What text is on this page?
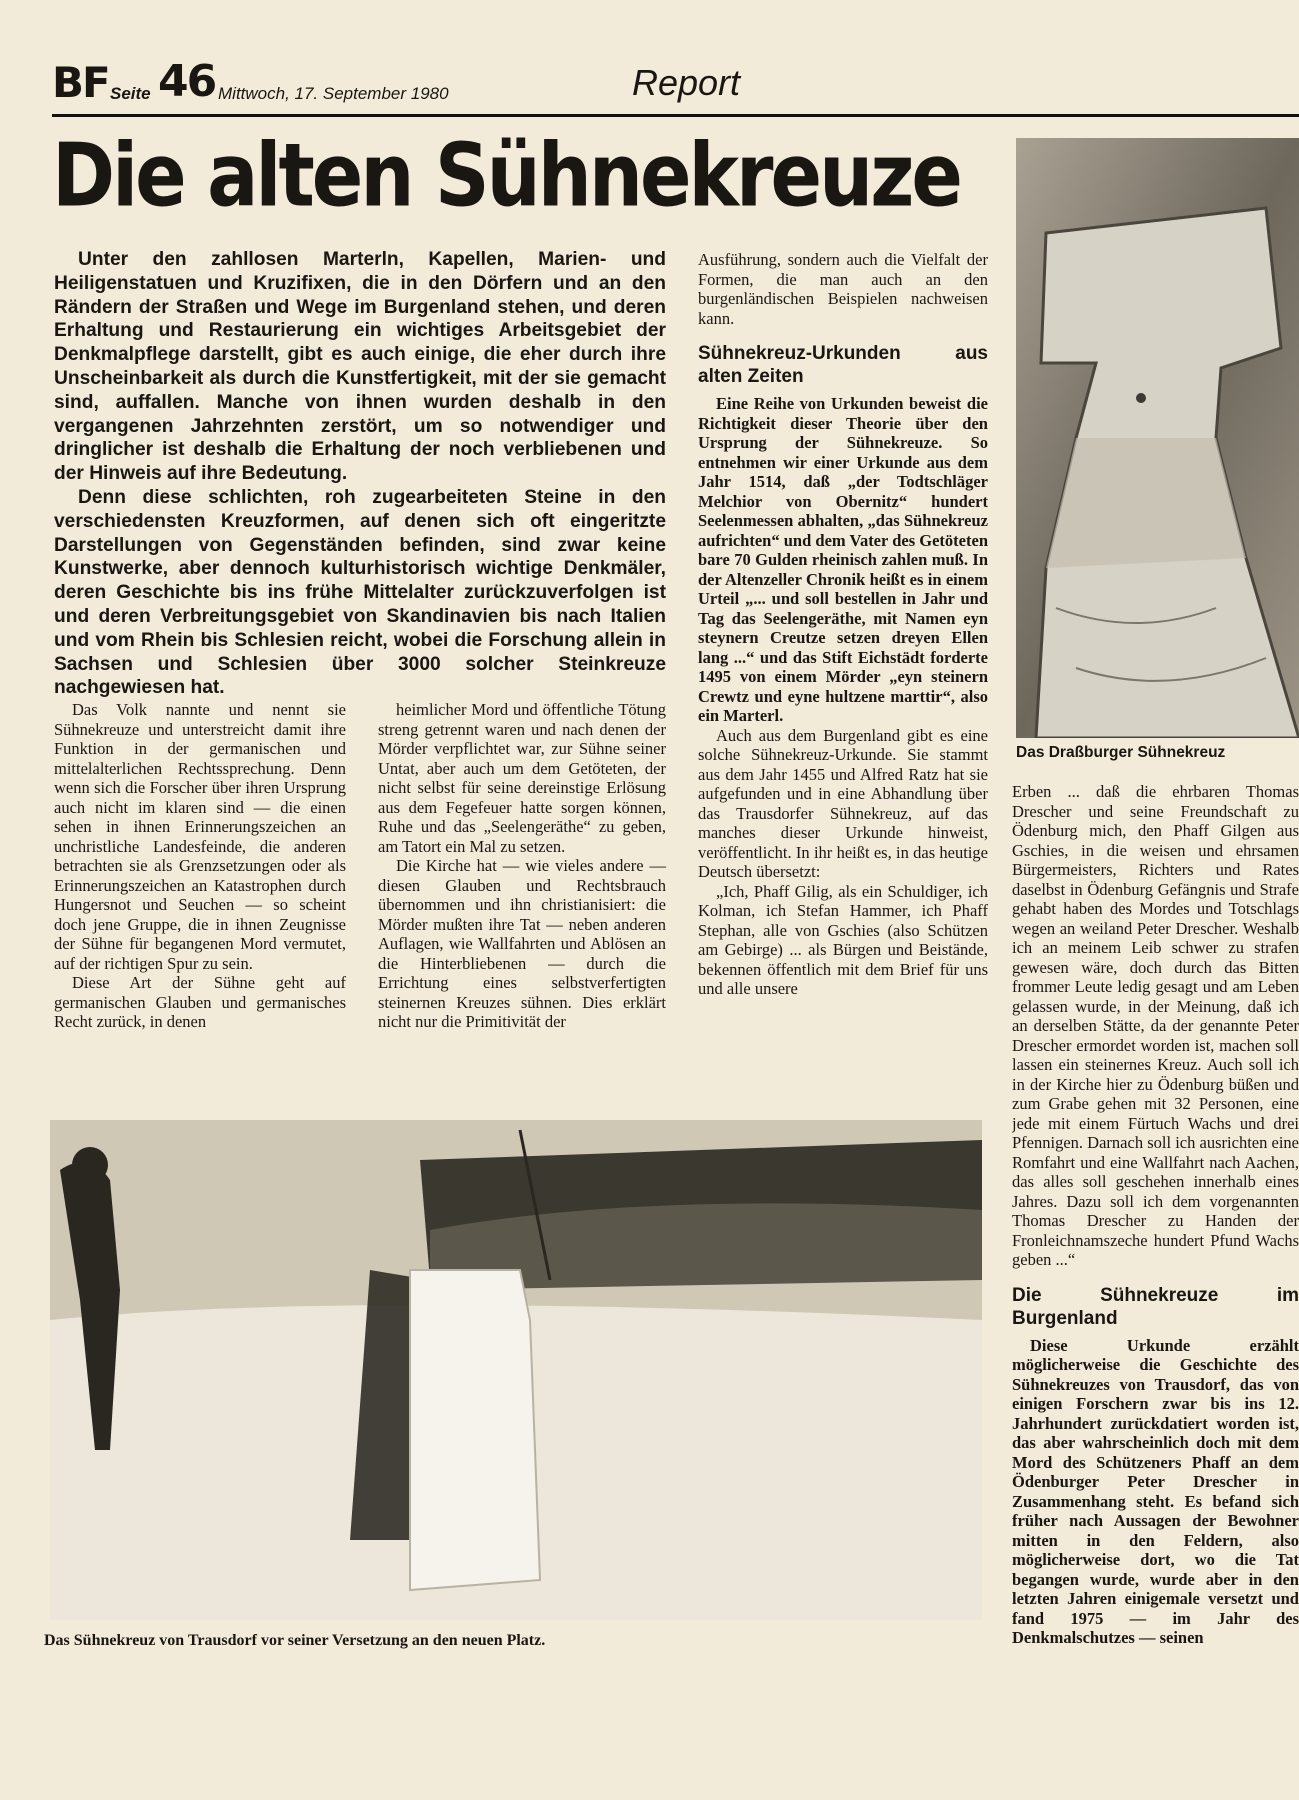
BF Seite 46 Mittwoch, 17. September 1980	Report
Die alten Sühnekreuze

Unter den zahllosen Marterln, Kapellen, Marien- und Heiligenstatuen und Kruzifixen, die in den Dörfern und an den Rändern der Straßen und Wege im Burgenland stehen, und deren Erhaltung und Restaurierung ein wichtiges Arbeitsgebiet der Denkmalpflege darstellt, gibt es auch einige, die eher durch ihre Unscheinbarkeit als durch die Kunstfertigkeit, mit der sie gemacht sind, auffallen. Manche von ihnen wurden deshalb in den vergangenen Jahrzehnten zerstört, um so notwendiger und dringlicher ist deshalb die Erhaltung der noch verbliebenen und der Hinweis auf ihre Bedeutung.

Denn diese schlichten, roh zugearbeiteten Steine in den verschiedensten Kreuzformen, auf denen sich oft eingeritzte Darstellungen von Gegenständen befinden, sind zwar keine Kunstwerke, aber dennoch kulturhistorisch wichtige Denkmäler, deren Geschichte bis ins frühe Mittelalter zurückzuverfolgen ist und deren Verbreitungsgebiet von Skandinavien bis nach Italien und vom Rhein bis Schlesien reicht, wobei die Forschung allein in Sachsen und Schlesien über 3000 solcher Steinkreuze nachgewiesen hat.

Das Volk nannte und nennt sie Sühnekreuze und unterstreicht damit ihre Funktion in der germanischen und mittelalterlichen Rechtssprechung. Denn wenn sich die Forscher über ihren Ursprung auch nicht im klaren sind — die einen sehen in ihnen Erinnerungszeichen an unchristliche Landesfeinde, die anderen betrachten sie als Grenzsetzungen oder als Erinnerungszeichen an Katastrophen durch Hungersnot und Seuchen — so scheint doch jene Gruppe, die in ihnen Zeugnisse der Sühne für begangenen Mord vermutet, auf der richtigen Spur zu sein.

Diese Art der Sühne geht auf germanischen Glauben und germanisches Recht zurück, in denen

heimlicher Mord und öffentliche Tötung streng getrennt waren und nach denen der Mörder verpflichtet war, zur Sühne seiner Untat, aber auch um dem Getöteten, der nicht selbst für seine dereinstige Erlösung aus dem Fegefeuer hatte sorgen können, Ruhe und das „Seelengeräthe“ zu geben, am Tatort ein Mal zu setzen.

Die Kirche hat — wie vieles andere — diesen Glauben und Rechtsbrauch übernommen und ihn christianisiert: die Mörder mußten ihre Tat — neben anderen Auflagen, wie Wallfahrten und Ablösen an die Hinterbliebenen — durch die Errichtung eines selbstverfertigten steinernen Kreuzes sühnen. Dies erklärt nicht nur die Primitivität der

Ausführung, sondern auch die Vielfalt der Formen, die man auch an den burgenländischen Beispielen nachweisen kann.

Sühnekreuz-Urkunden aus alten Zeiten

Eine Reihe von Urkunden beweist die Richtigkeit dieser Theorie über den Ursprung der Sühnekreuze. So entnehmen wir einer Urkunde aus dem Jahr 1514, daß „der Todtschläger Melchior von Obernitz“ hundert Seelenmessen abhalten, „das Sühnekreuz aufrichten“ und dem Vater des Getöteten bare 70 Gulden rheinisch zahlen muß. In der Altenzeller Chronik heißt es in einem Urteil „... und soll bestellen in Jahr und Tag das Seelengeräthe, mit Namen eyn steynern Creutze setzen dreyen Ellen lang ...“ und das Stift Eichstädt forderte 1495 von einem Mörder „eyn steinern Crewtz und eyne hultzene marttir“, also ein Marterl.

Auch aus dem Burgenland gibt es eine solche Sühnekreuz-Urkunde. Sie stammt aus dem Jahr 1455 und Alfred Ratz hat sie aufgefunden und in eine Abhandlung über das Trausdorfer Sühnekreuz, auf das manches dieser Urkunde hinweist, veröffentlicht. In ihr heißt es, in das heutige Deutsch übersetzt:

„Ich, Phaff Gilig, als ein Schuldiger, ich Kolman, ich Stefan Hammer, ich Phaff Stephan, alle von Gschies (also Schützen am Gebirge) ... als Bürgen und Beistände, bekennen öffentlich mit dem Brief für uns und alle unsere

Das Draßburger Sühnekreuz

Erben ... daß die ehrbaren Thomas Drescher und seine Freundschaft zu Ödenburg mich, den Phaff Gilgen aus Gschies, in die weisen und ehrsamen Bürgermeisters, Richters und Rates daselbst in Ödenburg Gefängnis und Strafe gehabt haben des Mordes und Totschlags wegen an weiland Peter Drescher. Weshalb ich an meinem Leib schwer zu strafen gewesen wäre, doch durch das Bitten frommer Leute ledig gesagt und am Leben gelassen wurde, in der Meinung, daß ich an derselben Stätte, da der genannte Peter Drescher ermordet worden ist, machen soll lassen ein steinernes Kreuz. Auch soll ich in der Kirche hier zu Ödenburg büßen und zum Grabe gehen mit 32 Personen, eine jede mit einem Fürtuch Wachs und drei Pfennigen. Darnach soll ich ausrichten eine Romfahrt und eine Wallfahrt nach Aachen, das alles soll geschehen innerhalb eines Jahres. Dazu soll ich dem vorgenannten Thomas Drescher zu Handen der Fronleichnamszeche hundert Pfund Wachs geben ...“

Die Sühnekreuze im Burgenland

Diese Urkunde erzählt möglicherweise die Geschichte des Sühnekreuzes von Trausdorf, das von einigen Forschern zwar bis ins 12. Jahrhundert zurückdatiert worden ist, das aber wahrscheinlich doch mit dem Mord des Schützeners Phaff an dem Ödenburger Peter Drescher in Zusammenhang steht. Es befand sich früher nach Aussagen der Bewohner mitten in den Feldern, also möglicherweise dort, wo die Tat begangen wurde, wurde aber in den letzten Jahren einigemale versetzt und fand 1975 — im Jahr des Denkmalschutzes — seinen

Das Sühnekreuz von Trausdorf vor seiner Versetzung an den neuen Platz.
